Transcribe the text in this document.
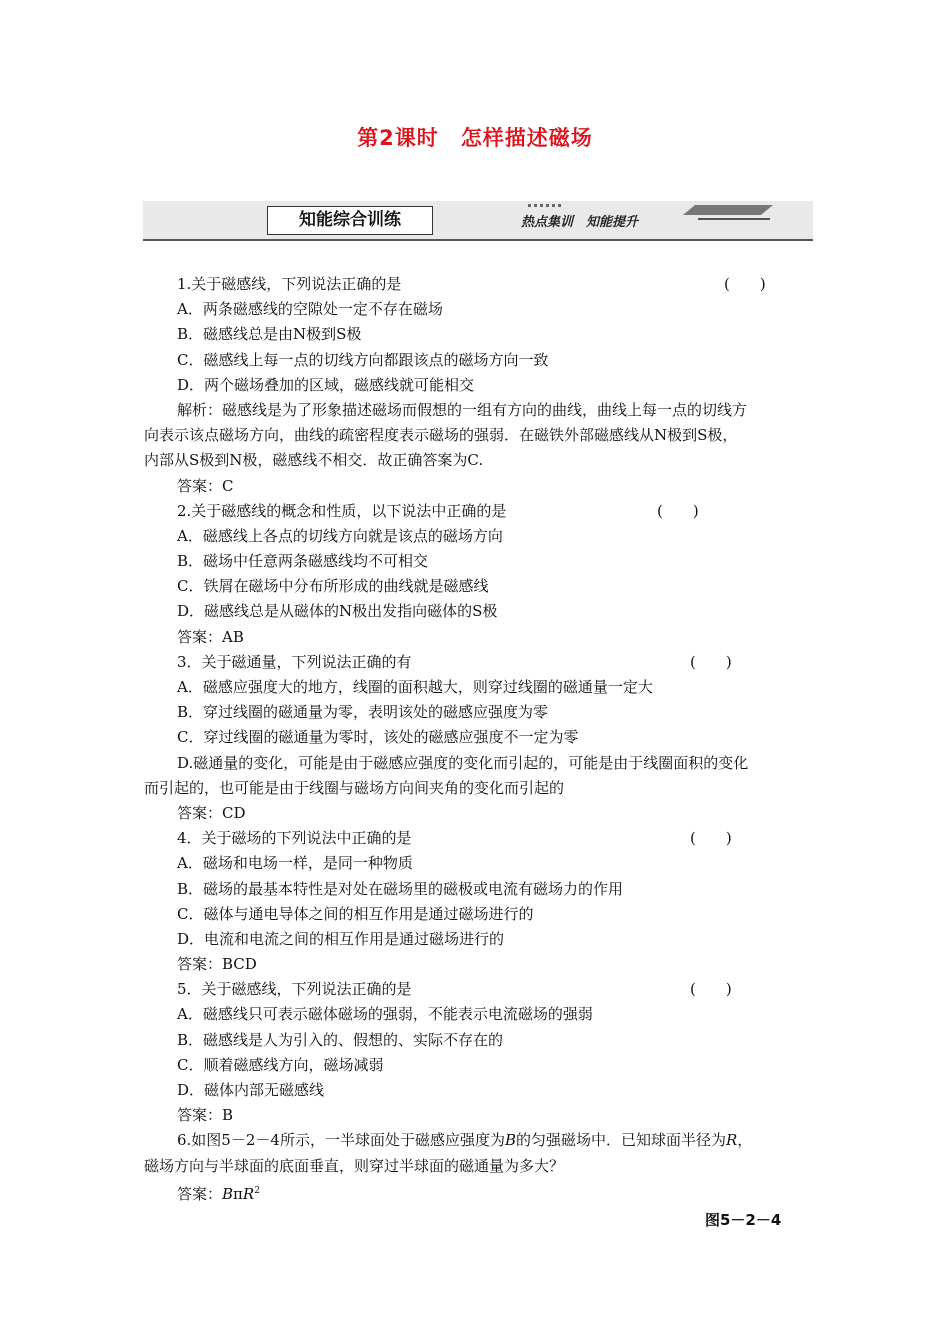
第2课时　怎样描述磁场
知能综合训练	热点集训　知能提升
1.关于磁感线，下列说法正确的是	(　　)
A．两条磁感线的空隙处一定不存在磁场
B．磁感线总是由N极到S极
C．磁感线上每一点的切线方向都跟该点的磁场方向一致
D．两个磁场叠加的区域，磁感线就可能相交
解析：磁感线是为了形象描述磁场而假想的一组有方向的曲线，曲线上每一点的切线方
向表示该点磁场方向，曲线的疏密程度表示磁场的强弱．在磁铁外部磁感线从N极到S极，
内部从S极到N极，磁感线不相交．故正确答案为C.
答案：C
2.关于磁感线的概念和性质，以下说法中正确的是	(　　)
A．磁感线上各点的切线方向就是该点的磁场方向
B．磁场中任意两条磁感线均不可相交
C．铁屑在磁场中分布所形成的曲线就是磁感线
D．磁感线总是从磁体的N极出发指向磁体的S极
答案：AB
3．关于磁通量，下列说法正确的有	(　　)
A．磁感应强度大的地方，线圈的面积越大，则穿过线圈的磁通量一定大
B．穿过线圈的磁通量为零，表明该处的磁感应强度为零
C．穿过线圈的磁通量为零时，该处的磁感应强度不一定为零
D.磁通量的变化，可能是由于磁感应强度的变化而引起的，可能是由于线圈面积的变化
而引起的，也可能是由于线圈与磁场方向间夹角的变化而引起的
答案：CD
4．关于磁场的下列说法中正确的是	(　　)
A．磁场和电场一样，是同一种物质
B．磁场的最基本特性是对处在磁场里的磁极或电流有磁场力的作用
C．磁体与通电导体之间的相互作用是通过磁场进行的
D．电流和电流之间的相互作用是通过磁场进行的
答案：BCD
5．关于磁感线，下列说法正确的是	(　　)
A．磁感线只可表示磁体磁场的强弱，不能表示电流磁场的强弱
B．磁感线是人为引入的、假想的、实际不存在的
C．顺着磁感线方向，磁场减弱
D．磁体内部无磁感线
答案：B
6.如图5－2－4所示，一半球面处于磁感应强度为B的匀强磁场中．已知球面半径为R，
磁场方向与半球面的底面垂直，则穿过半球面的磁通量为多大？
答案：BπR$^2$
图5－2－4
